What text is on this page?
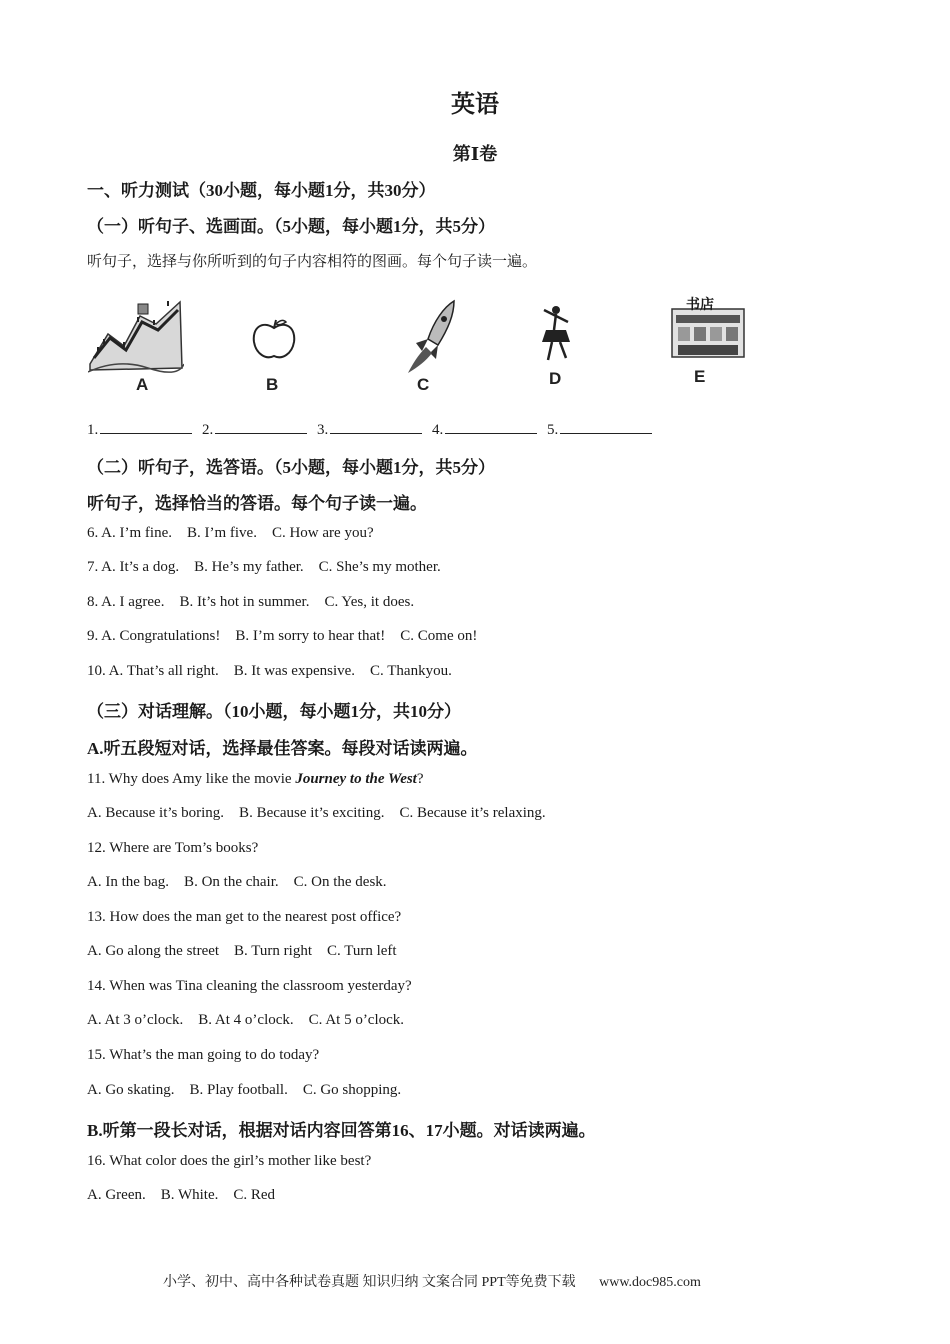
英语
第Ⅰ卷
一、听力测试（30小题，每小题1分，共30分）
（一）听句子、选画面。（5小题，每小题1分，共5分）
听句子，选择与你所听到的句子内容相符的图画。每个句子读一遍。
A	B	C	D
书店
E
1.	2.	3.	4.	5.
（二）听句子，选答语。（5小题，每小题1分，共5分）
听句子，选择恰当的答语。每个句子读一遍。
6. A. I’m fine.    B. I’m five.    C. How are you?
7. A. It’s a dog.    B. He’s my father.    C. She’s my mother.
8. A. I agree.    B. It’s hot in summer.    C. Yes, it does.
9. A. Congratulations!    B. I’m sorry to hear that!    C. Come on!
10. A. That’s all right.    B. It was expensive.    C. Thankyou.
（三）对话理解。（10小题，每小题1分，共10分）
A.听五段短对话，选择最佳答案。每段对话读两遍。
11. Why does Amy like the movie Journey to the West?
A. Because it’s boring.    B. Because it’s exciting.    C. Because it’s relaxing.
12. Where are Tom’s books?
A. In the bag.    B. On the chair.    C. On the desk.
13. How does the man get to the nearest post office?
A. Go along the street    B. Turn right    C. Turn left
14. When was Tina cleaning the classroom yesterday?
A. At 3 o’clock.    B. At 4 o’clock.    C. At 5 o’clock.
15. What’s the man going to do today?
A. Go skating.    B. Play football.    C. Go shopping.
B.听第一段长对话，根据对话内容回答第16、17小题。对话读两遍。
16. What color does the girl’s mother like best?
A. Green.    B. White.    C. Red
小学、初中、高中各种试卷真题 知识归纳 文案合同 PPT等免费下载 www.doc985.com
